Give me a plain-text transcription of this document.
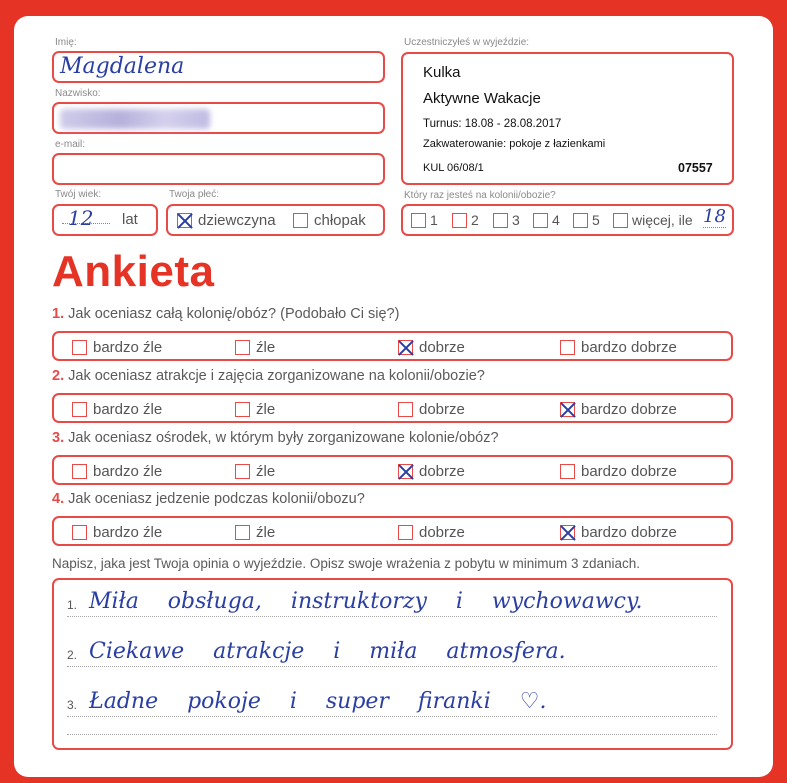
Imię:
Magdalena
Nazwisko:
e-mail:
Twój wiek:
12 lat
Twoja płeć:
dziewczyna	chłopak
Uczestniczyłeś w wyjeździe:
Kulka
Aktywne Wakacje
Turnus: 18.08 - 28.08.2017
Zakwaterowanie: pokoje z łazienkami
KUL 06/08/1	07557
Który raz jesteś na kolonii/obozie?
1	2	3	4	5	więcej, ile 18
Ankieta
1. Jak oceniasz całą kolonię/obóz? (Podobało Ci się?)
bardzo źle	źle	dobrze	bardzo dobrze
2. Jak oceniasz atrakcje i zajęcia zorganizowane na kolonii/obozie?
bardzo źle	źle	dobrze	bardzo dobrze
3. Jak oceniasz ośrodek, w którym były zorganizowane kolonie/obóz?
bardzo źle	źle	dobrze	bardzo dobrze
4. Jak oceniasz jedzenie podczas kolonii/obozu?
bardzo źle	źle	dobrze	bardzo dobrze
Napisz, jaka jest Twoja opinia o wyjeździe. Opisz swoje wrażenia z pobytu w minimum 3 zdaniach.
1. Miła obsługa, instruktorzy i wychowawcy.
2. Ciekawe atrakcje i miła atmosfera.
3. Ładne pokoje i super firanki ♡.
